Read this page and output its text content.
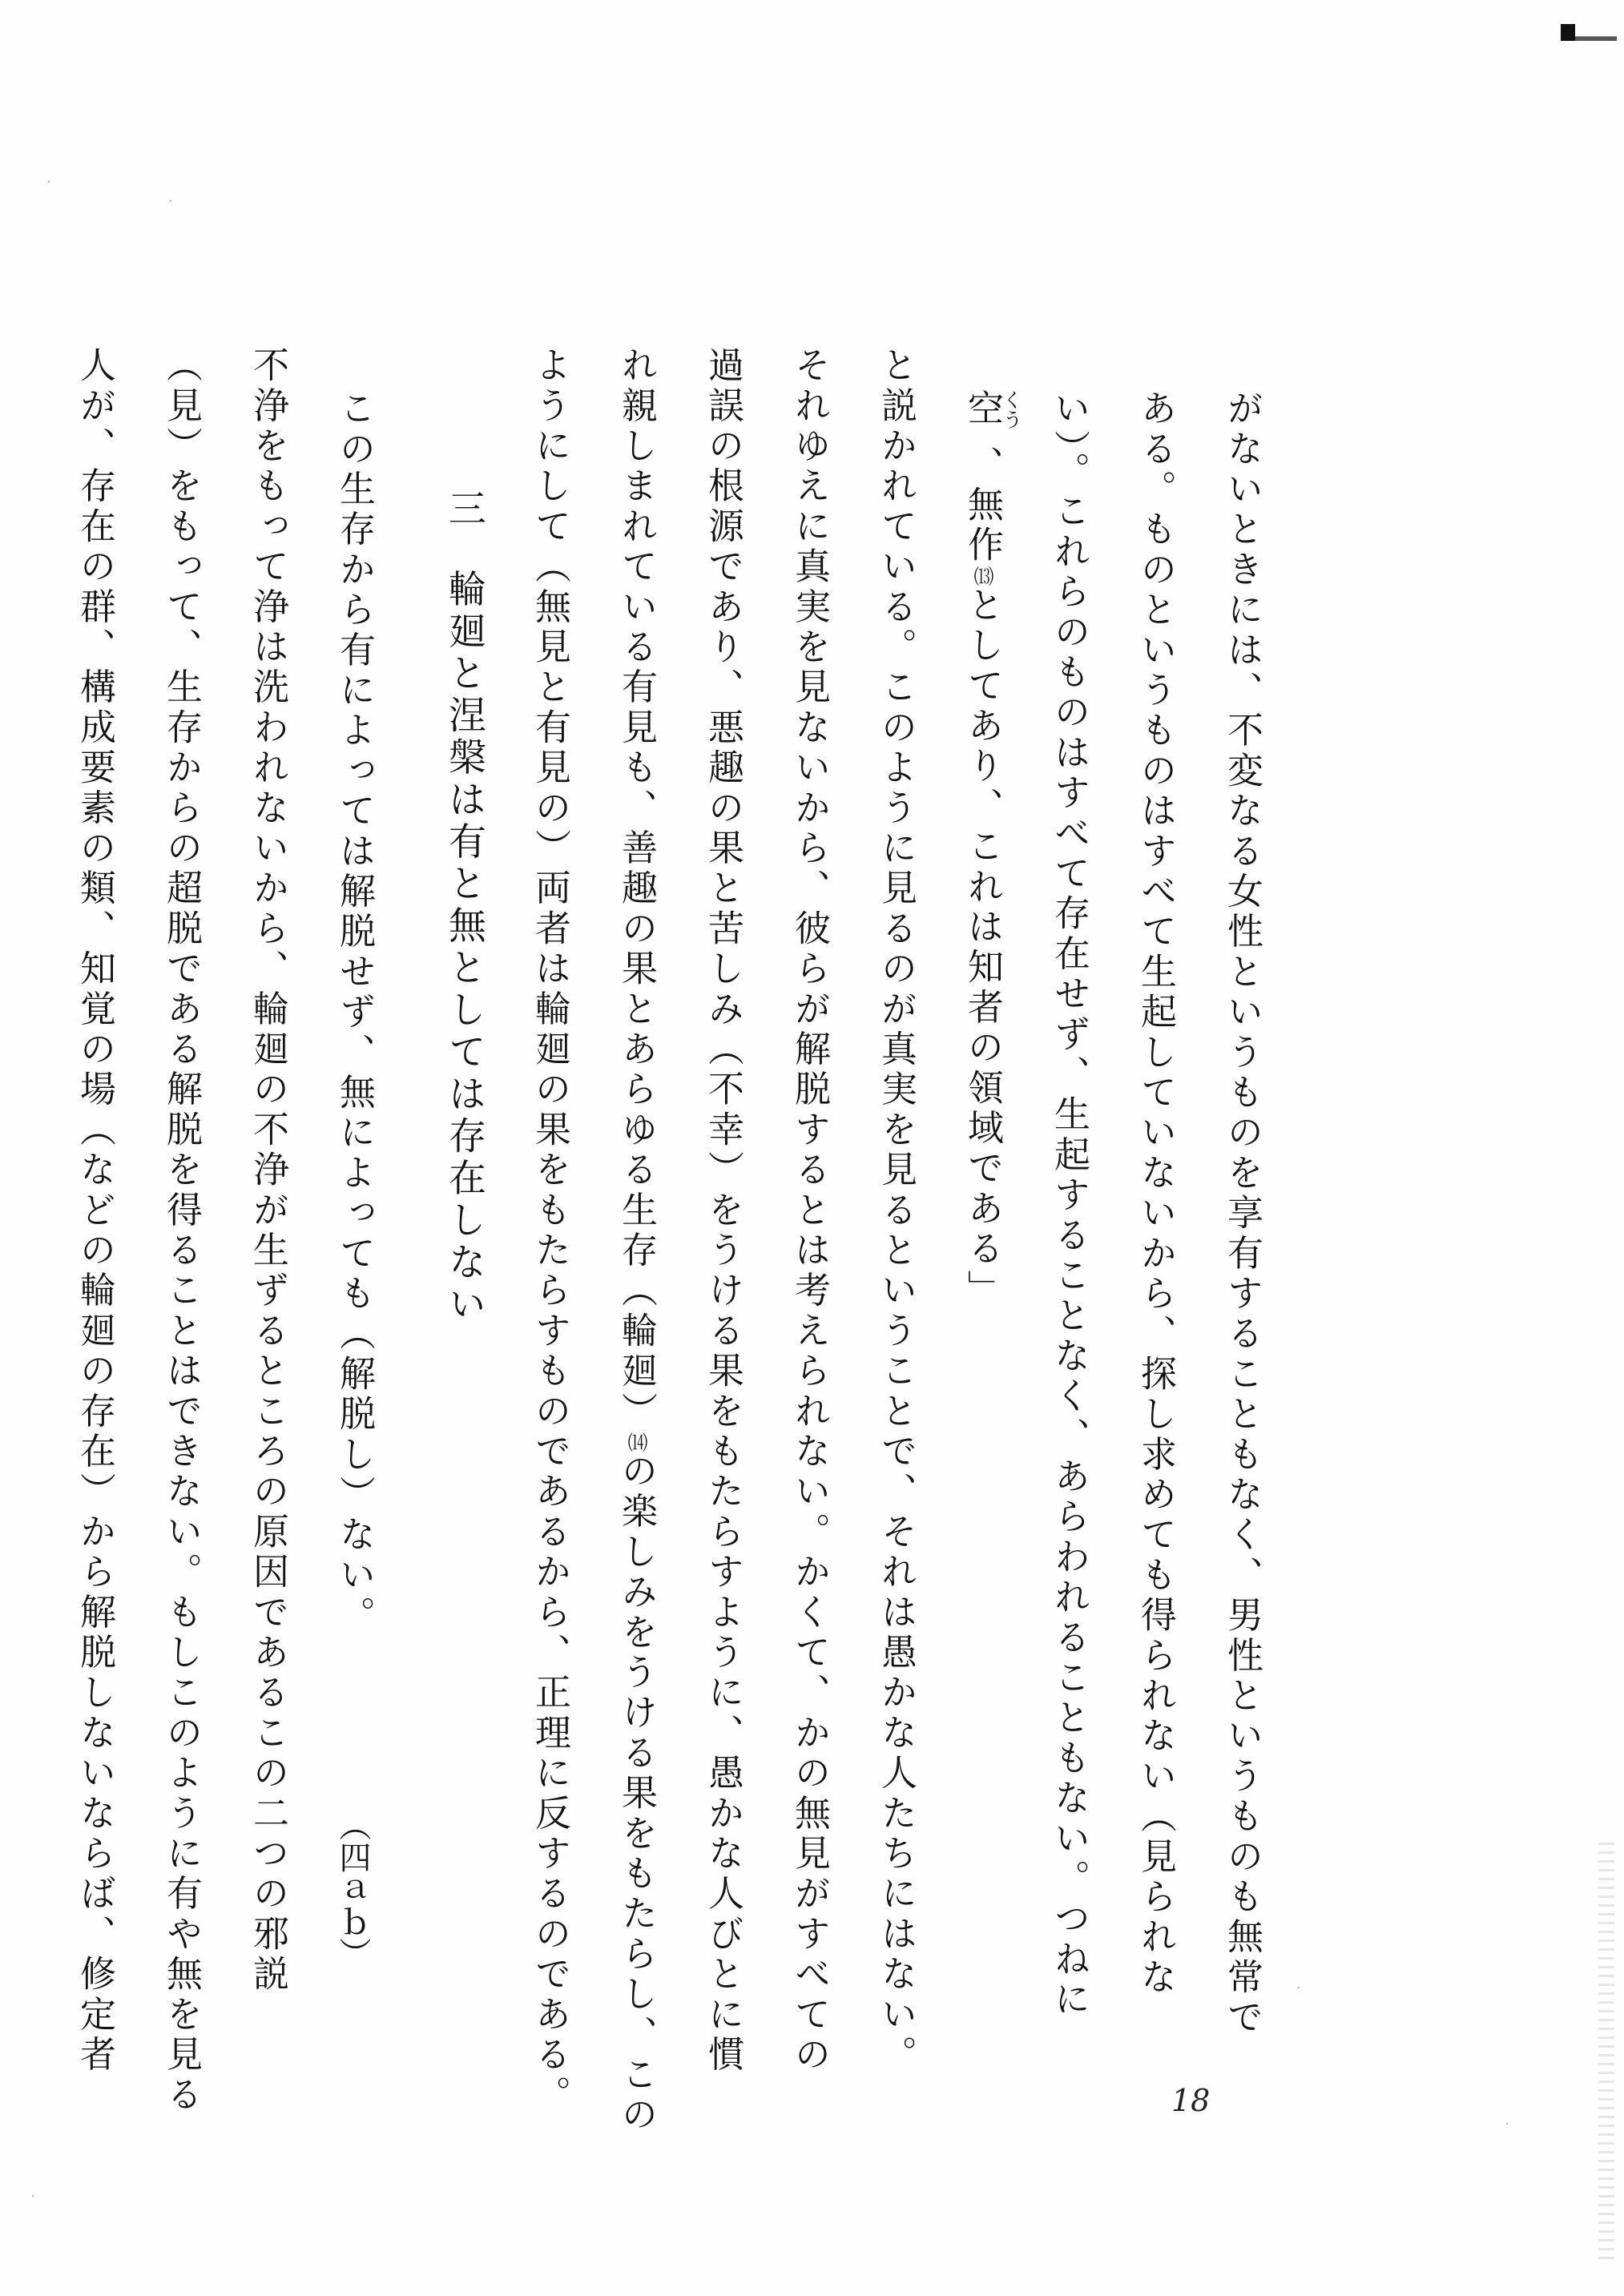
がないときには、不変なる女性というものを享有することもなく、男性というものも無常で
ある。ものというものはすべて生起していないから、探し求めても得られない（見られな
い）。これらのものはすべて存在せず、生起することなく、あらわれることもない。つねに
空くう 、無作⒀としてあり、これは知者の領域である」
と説かれている。このように見るのが真実を見るということで、それは愚かな人たちにはない。
それゆえに真実を見ないから、彼らが解脱するとは考えられない。かくて、かの無見がすべての
過誤の根源であり、悪趣の果と苦しみ（不幸）をうける果をもたらすように、愚かな人びとに慣
れ親しまれている有見も、善趣の果とあらゆる生存（輪廻）⒁の楽しみをうける果をもたらし、この
ようにして（無見と有見の）両者は輪廻の果をもたらすものであるから、正理に反するのである。
三輪廻と涅槃は有と無としては存在しない
この生存から有によっては解脱せず、無によっても（解脱し）ない。
（四ａｂ）
不浄をもって浄は洗われないから、輪廻の不浄が生ずるところの原因であるこの二つの邪説
（見）をもって、生存からの超脱である解脱を得ることはできない。もしこのように有や無を見る
人が、存在の群、構成要素の類、知覚の場（などの輪廻の存在）から解脱しないならば、修定者
18
